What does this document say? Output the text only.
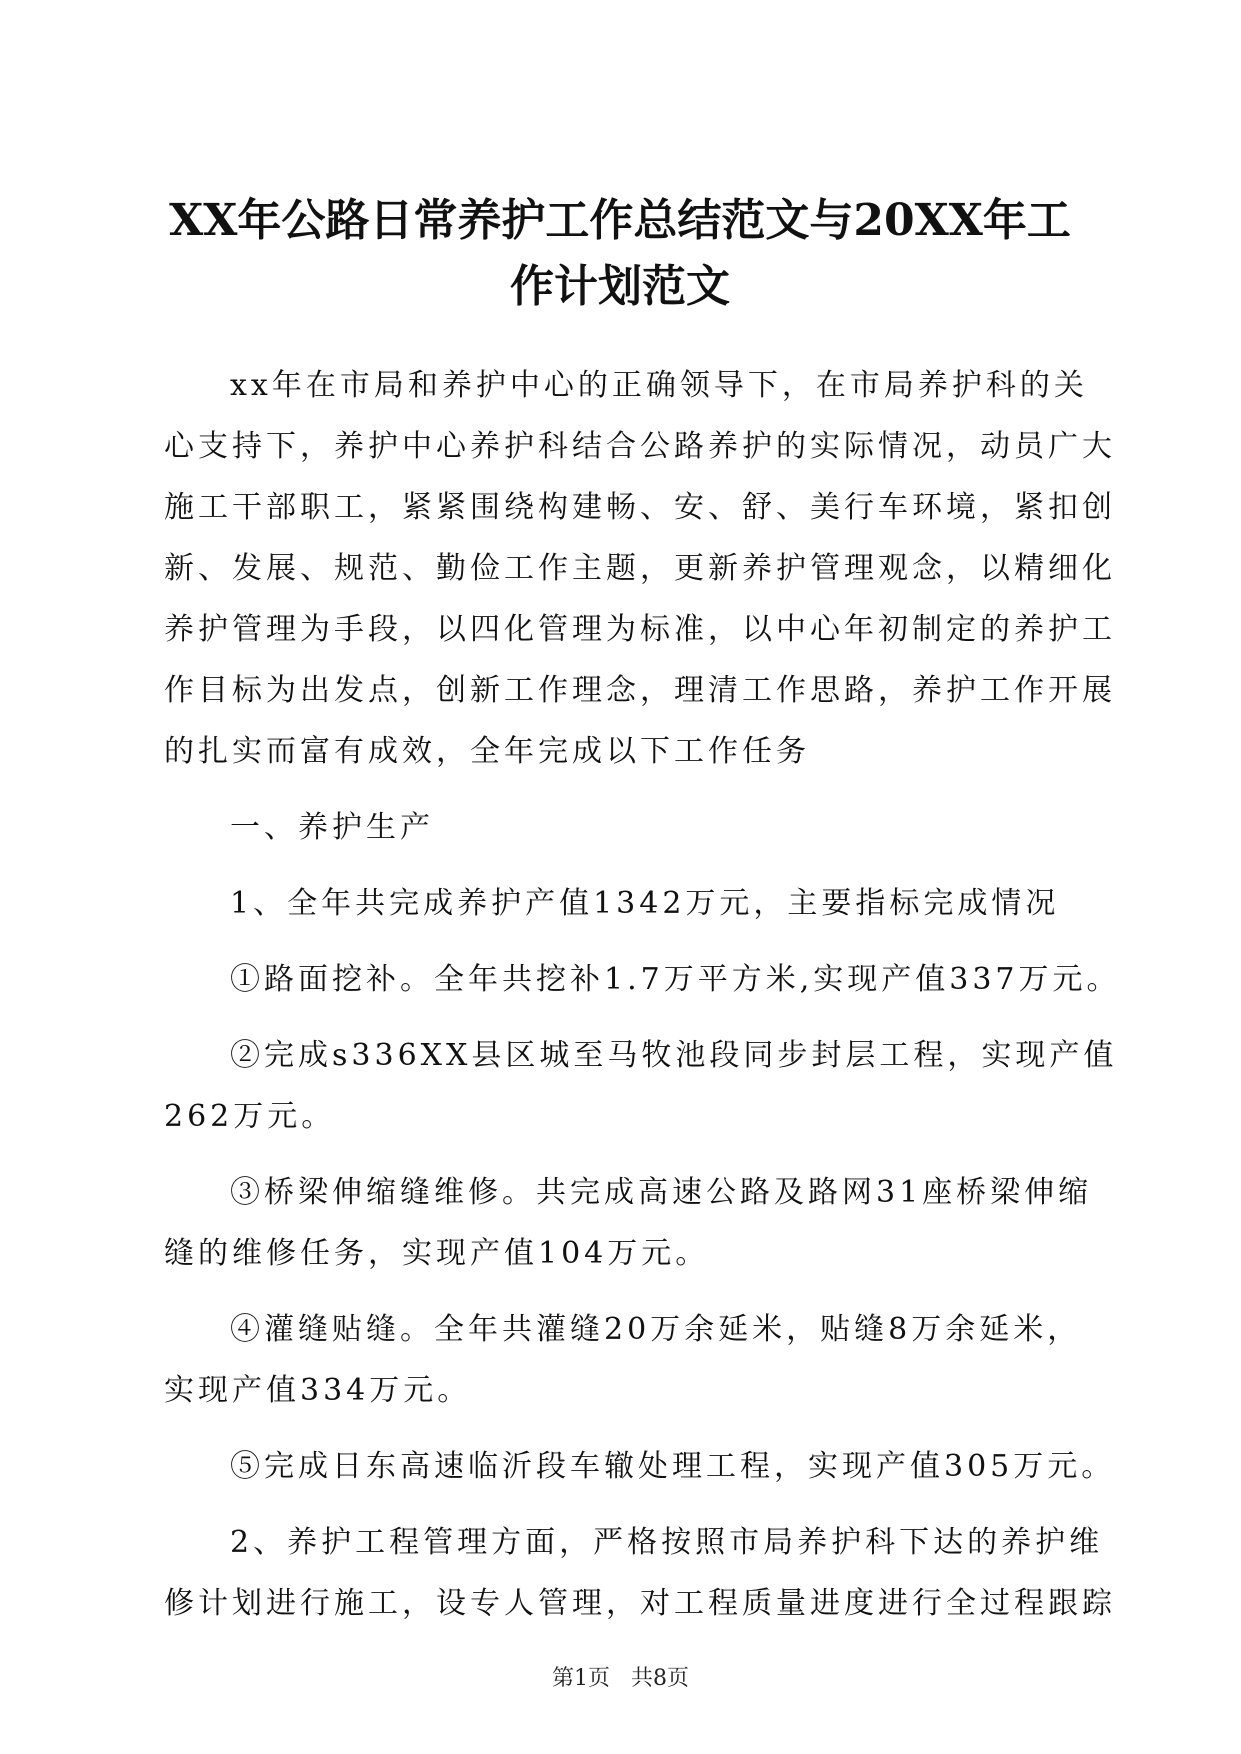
XX年公路日常养护工作总结范文与20XX年工
作计划范文
xx年在市局和养护中心的正确领导下，在市局养护科的关
心支持下，养护中心养护科结合公路养护的实际情况，动员广大
施工干部职工，紧紧围绕构建畅、安、舒、美行车环境，紧扣创
新、发展、规范、勤俭工作主题，更新养护管理观念，以精细化
养护管理为手段，以四化管理为标准，以中心年初制定的养护工
作目标为出发点，创新工作理念，理清工作思路，养护工作开展
的扎实而富有成效，全年完成以下工作任务
一、养护生产
1、全年共完成养护产值1342万元，主要指标完成情况
①路面挖补。全年共挖补1.7万平方米,实现产值337万元。
②完成s336XX县区城至马牧池段同步封层工程，实现产值
262万元。
③桥梁伸缩缝维修。共完成高速公路及路网31座桥梁伸缩
缝的维修任务，实现产值104万元。
④灌缝贴缝。全年共灌缝20万余延米，贴缝8万余延米，
实现产值334万元。
⑤完成日东高速临沂段车辙处理工程，实现产值305万元。
2、养护工程管理方面，严格按照市局养护科下达的养护维
修计划进行施工，设专人管理，对工程质量进度进行全过程跟踪
第1页 共8页
